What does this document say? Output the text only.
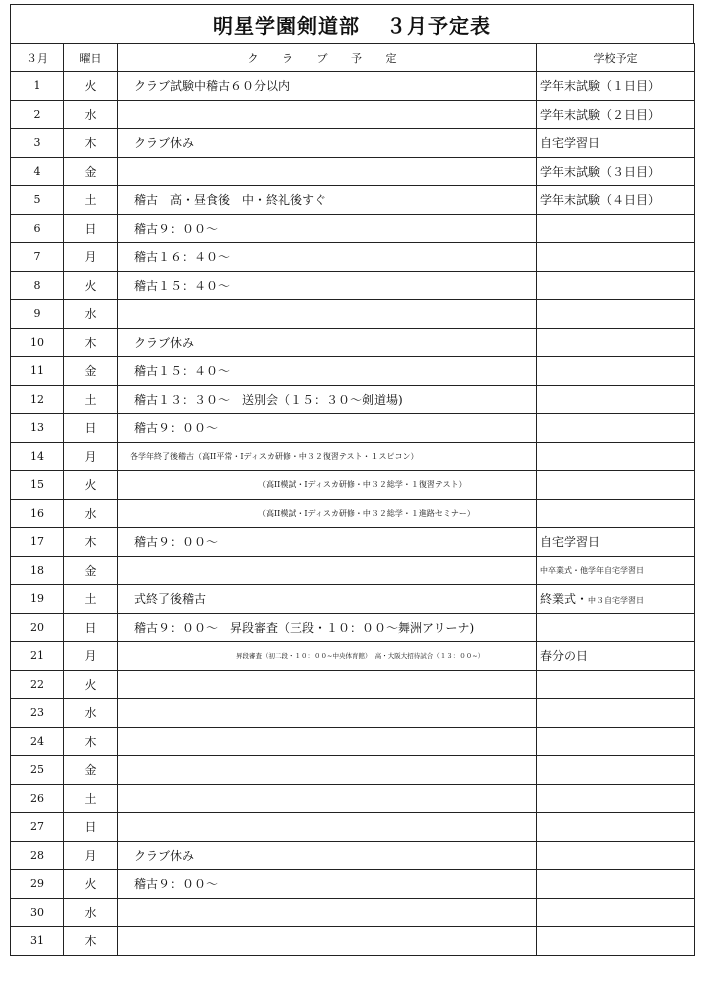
明星学園剣道部 ３月予定表
３月	曜日	ク ラ ブ 予 定	学校予定
1	火	クラブ試験中稽古６０分以内	学年末試験（１日目）
2	水		学年末試験（２日目）
3	木	クラブ休み	自宅学習日
4	金		学年末試験（３日目）
5	土	稽古　高・昼食後　中・終礼後すぐ	学年末試験（４日目）
6	日	稽古９：００～	
7	月	稽古１６：４０～	
8	火	稽古１５：４０～	
9	水		
10	木	クラブ休み	
11	金	稽古１５：４０～	
12	土	稽古１３：３０～　送別会（１５：３０～剣道場)	
13	日	稽古９：００～	
14	月	各学年終了後稽古（高II平常・Iディスカ研修・中３２復習テスト・１スピコン）	
15	火	（高II模試・Iディスカ研修・中３２総学・１復習テスト）	
16	水	（高II模試・Iディスカ研修・中３２総学・１進路セミナー）	
17	木	稽古９：００～	自宅学習日
18	金		中卒業式・他学年自宅学習日
19	土	式終了後稽古	終業式・中３自宅学習日
20	日	稽古９：００～　昇段審査（三段・１０：００～舞洲アリーナ)	
21	月	昇段審査（初二段・１０：００~中央体育館）　高・大阪大招待試合（１３：００~）	春分の日
22	火		
23	水		
24	木		
25	金		
26	土		
27	日		
28	月	クラブ休み	
29	火	稽古９：００～	
30	水		
31	木		
